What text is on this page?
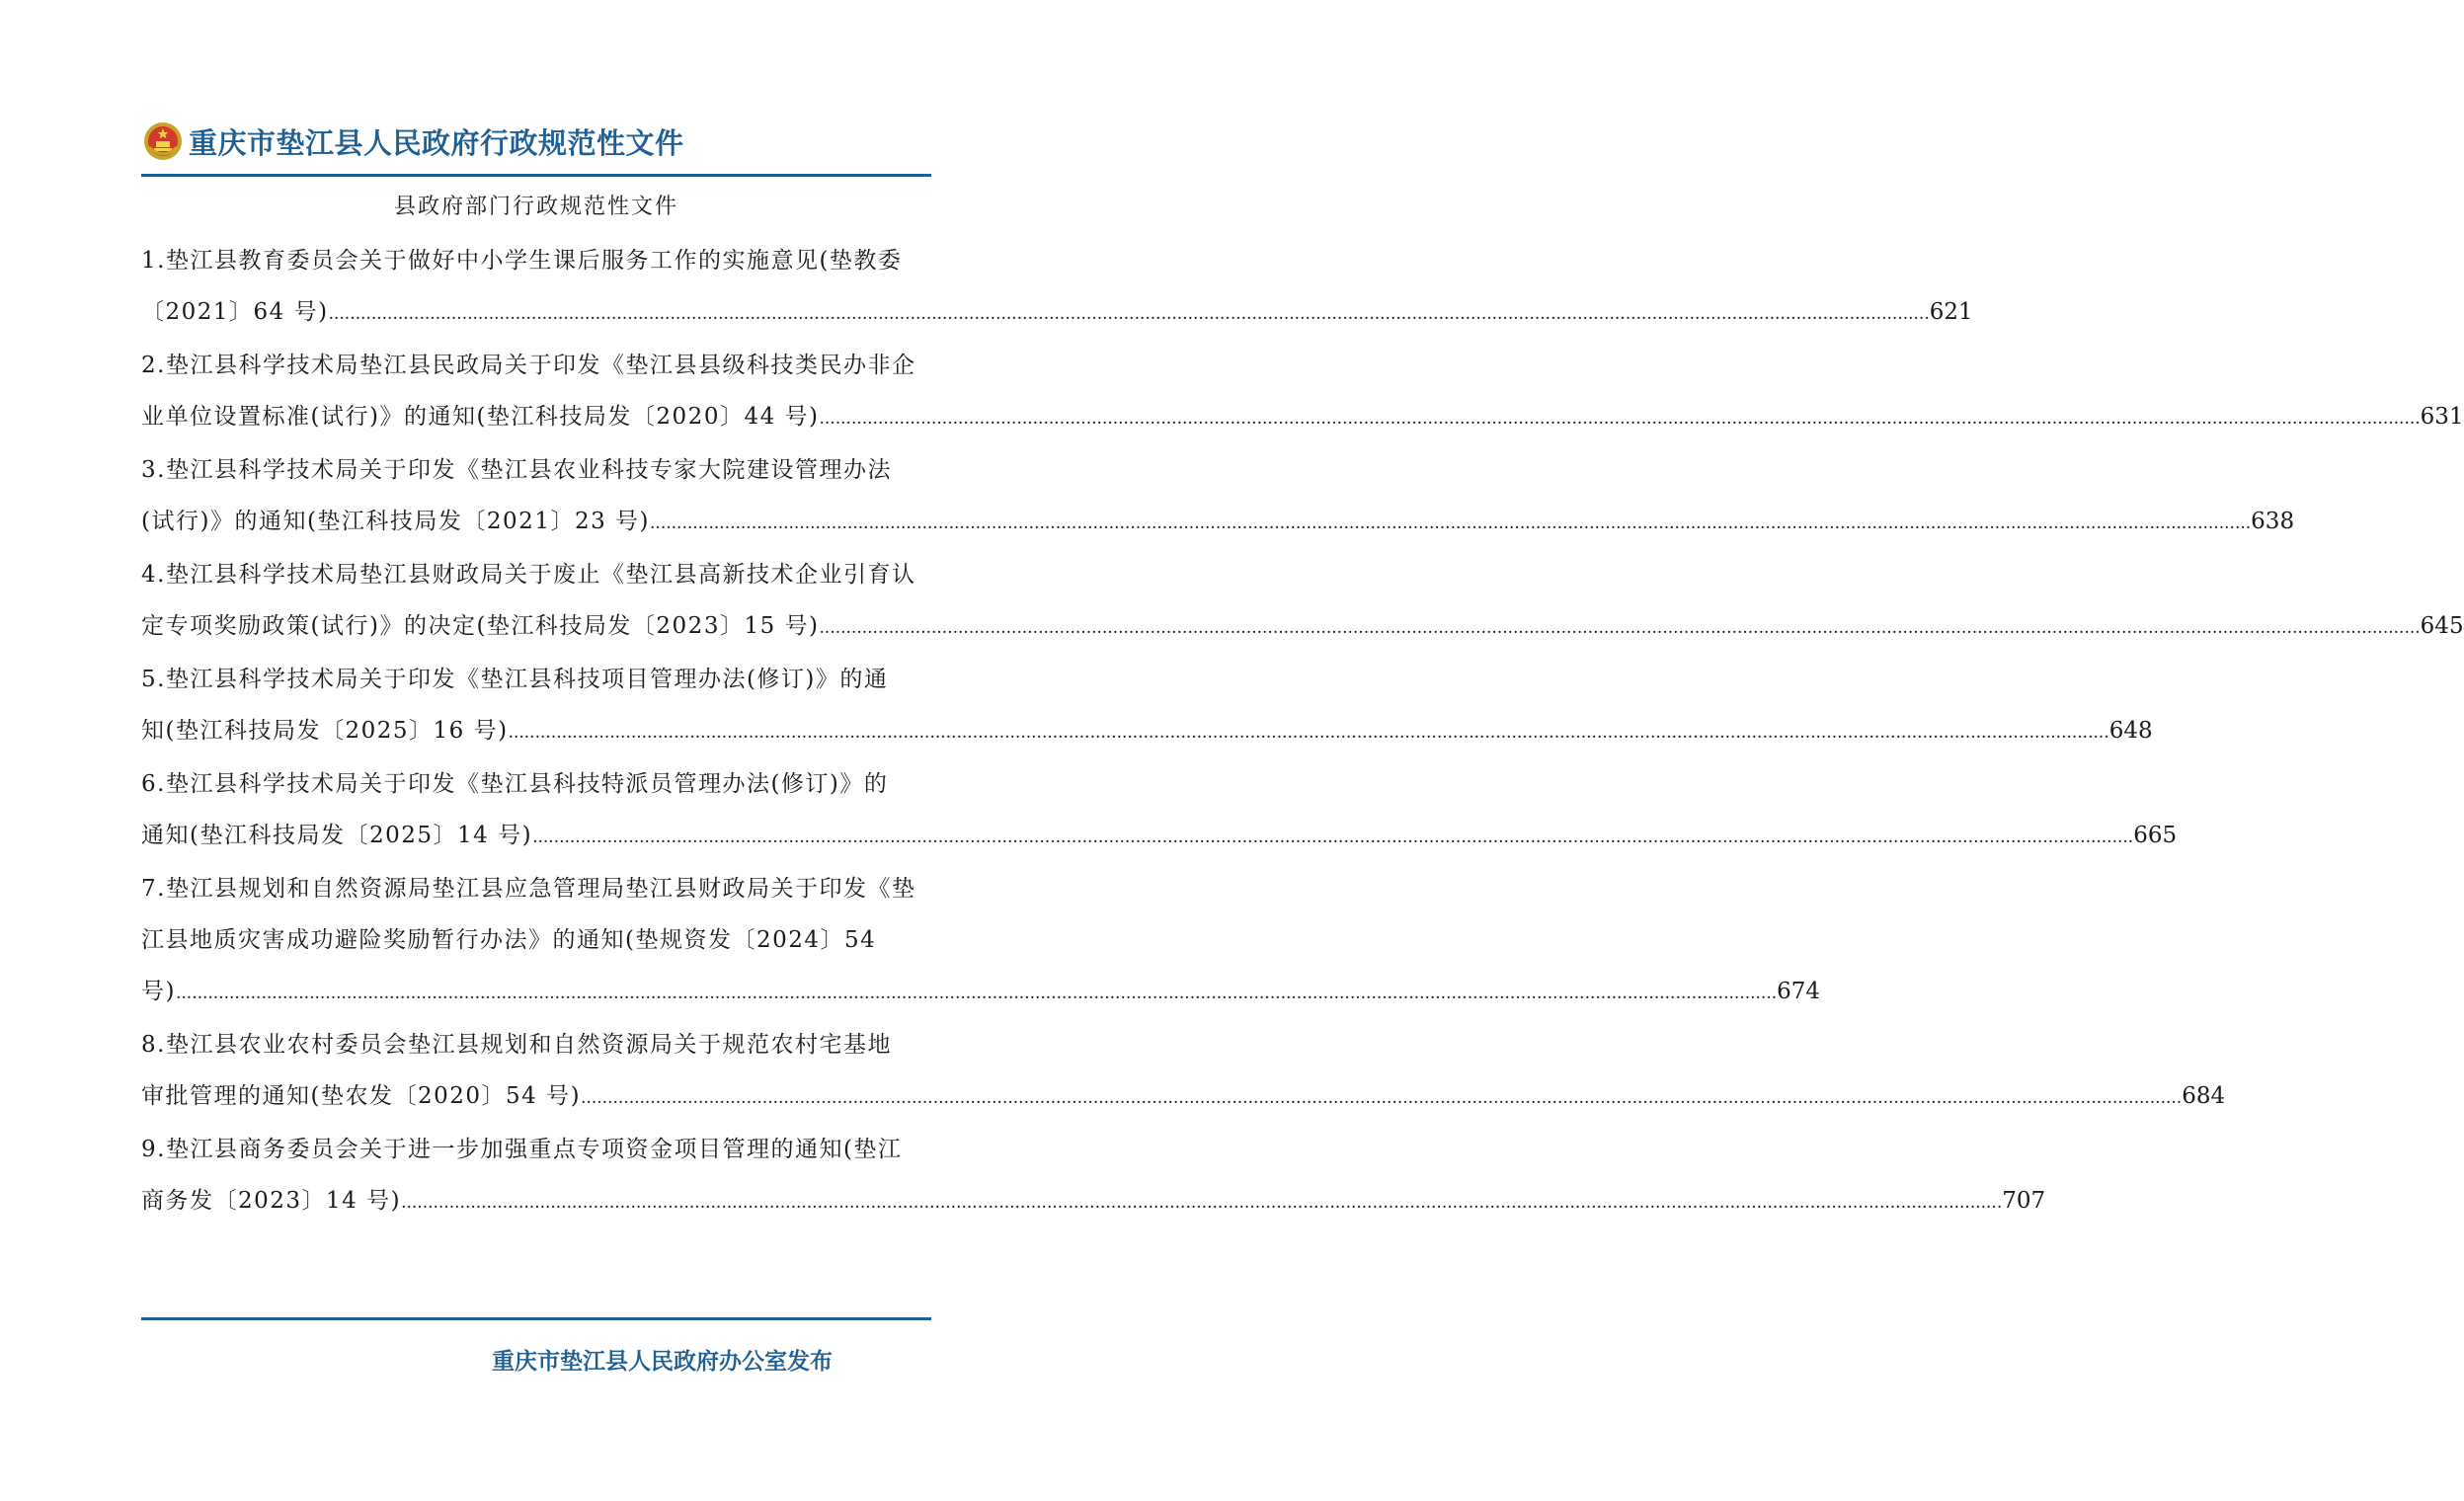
重庆市垫江县人民政府行政规范性文件
县政府部门行政规范性文件
1.垫江县教育委员会关于做好中小学生课后服务工作的实施意见(垫教委
〔2021〕64 号) ............................................................................................................................................................................................................................................................................................................ 621
2.垫江县科学技术局垫江县民政局关于印发《垫江县县级科技类民办非企
业单位设置标准(试行)》的通知(垫江科技局发〔2020〕44 号) ............................................................................................................................................................................................................................................................................................................ 631
3.垫江县科学技术局关于印发《垫江县农业科技专家大院建设管理办法
(试行)》的通知(垫江科技局发〔2021〕23 号) ............................................................................................................................................................................................................................................................................................................ 638
4.垫江县科学技术局垫江县财政局关于废止《垫江县高新技术企业引育认
定专项奖励政策(试行)》的决定(垫江科技局发〔2023〕15 号) ............................................................................................................................................................................................................................................................................................................ 645
5.垫江县科学技术局关于印发《垫江县科技项目管理办法(修订)》的通
知(垫江科技局发〔2025〕16 号) ............................................................................................................................................................................................................................................................................................................ 648
6.垫江县科学技术局关于印发《垫江县科技特派员管理办法(修订)》的
通知(垫江科技局发〔2025〕14 号) ............................................................................................................................................................................................................................................................................................................ 665
7.垫江县规划和自然资源局垫江县应急管理局垫江县财政局关于印发《垫
江县地质灾害成功避险奖励暂行办法》的通知(垫规资发〔2024〕54
号) ............................................................................................................................................................................................................................................................................................................ 674
8.垫江县农业农村委员会垫江县规划和自然资源局关于规范农村宅基地
审批管理的通知(垫农发〔2020〕54 号) ............................................................................................................................................................................................................................................................................................................ 684
9.垫江县商务委员会关于进一步加强重点专项资金项目管理的通知(垫江
商务发〔2023〕14 号) ............................................................................................................................................................................................................................................................................................................ 707
重庆市垫江县人民政府办公室发布
